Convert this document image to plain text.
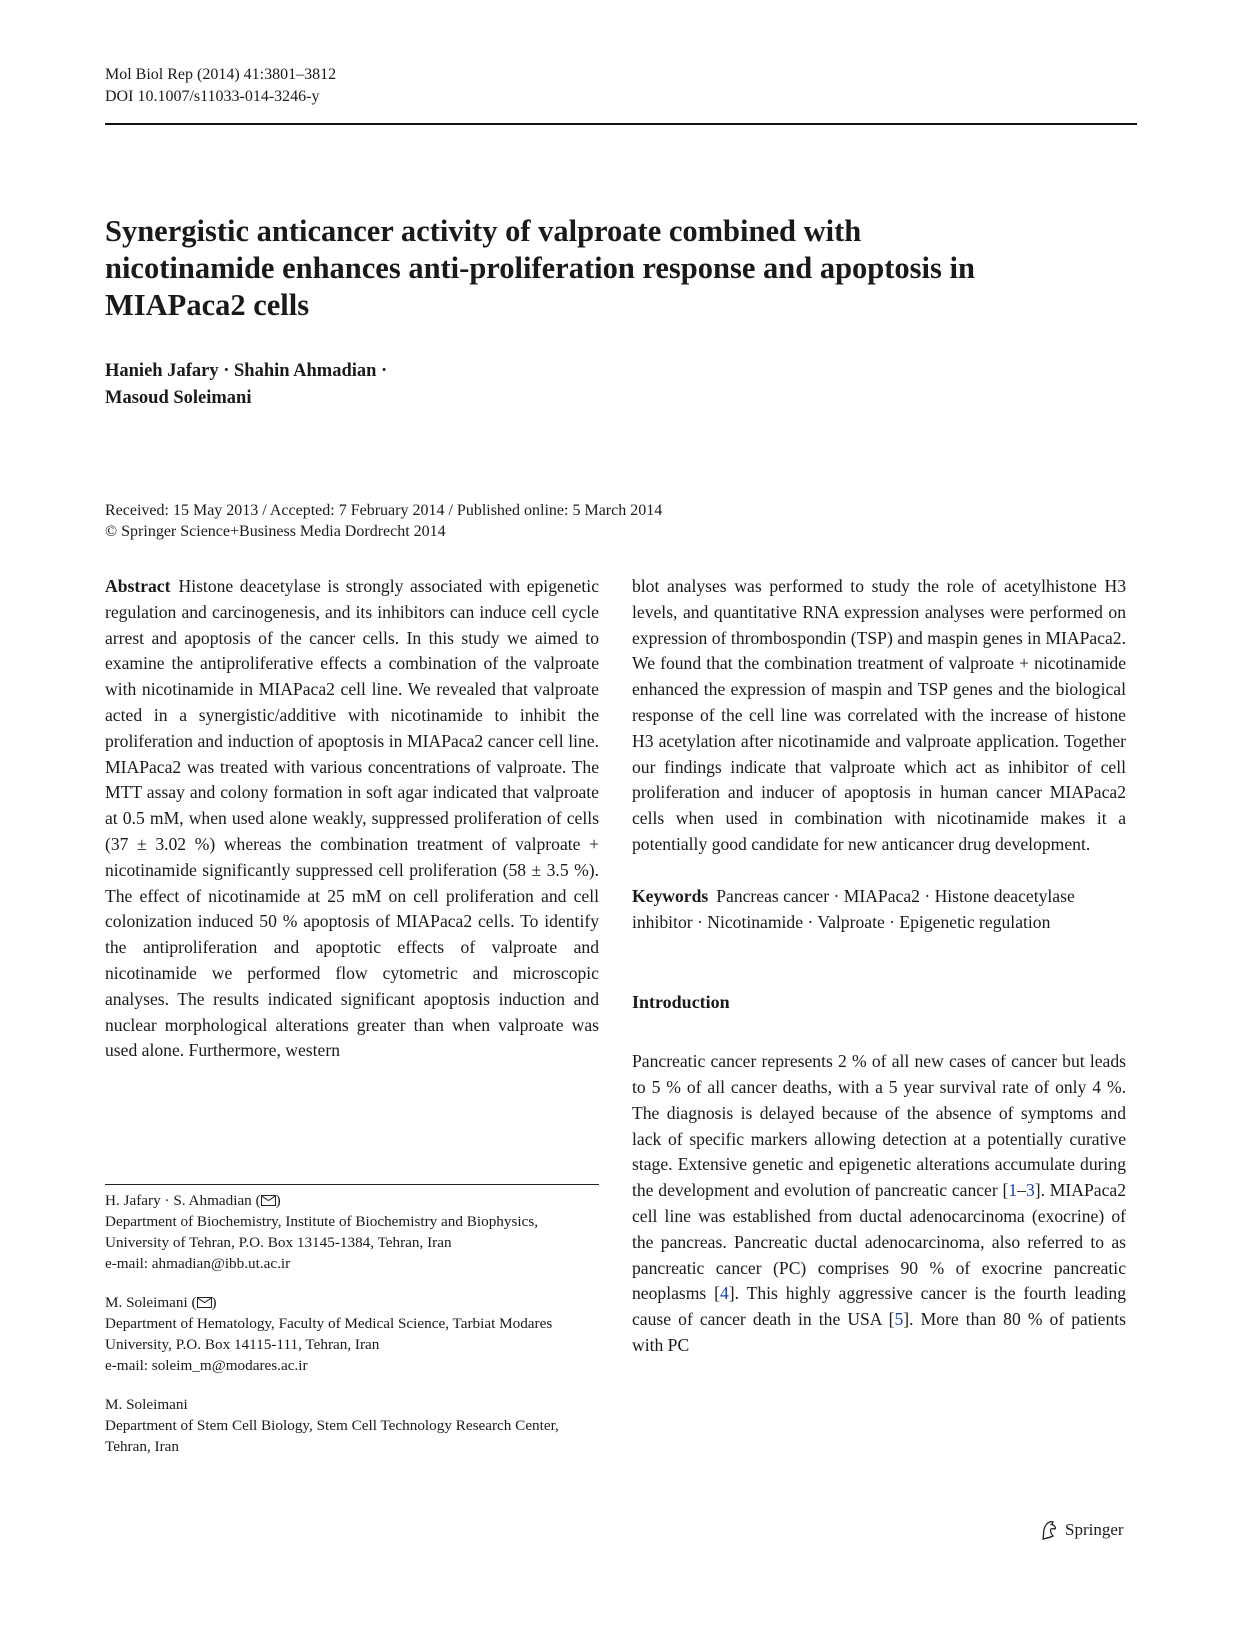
Mol Biol Rep (2014) 41:3801–3812
DOI 10.1007/s11033-014-3246-y
Synergistic anticancer activity of valproate combined with nicotinamide enhances anti-proliferation response and apoptosis in MIAPaca2 cells
Hanieh Jafary · Shahin Ahmadian ·
Masoud Soleimani
Received: 15 May 2013 / Accepted: 7 February 2014 / Published online: 5 March 2014
© Springer Science+Business Media Dordrecht 2014

Abstract Histone deacetylase is strongly associated with epigenetic regulation and carcinogenesis, and its inhibitors can induce cell cycle arrest and apoptosis of the cancer cells. In this study we aimed to examine the antiproliferative effects a combination of the valproate with nicotinamide in MIAPaca2 cell line. We revealed that valproate acted in a synergistic/additive with nicotinamide to inhibit the proliferation and induction of apoptosis in MIAPaca2 cancer cell line. MIAPaca2 was treated with various concentrations of valproate. The MTT assay and colony formation in soft agar indicated that valproate at 0.5 mM, when used alone weakly, suppressed proliferation of cells (37 ± 3.02 %) whereas the combination treatment of valproate + nicotinamide significantly suppressed cell proliferation (58 ± 3.5 %). The effect of nicotinamide at 25 mM on cell proliferation and cell colonization induced 50 % apoptosis of MIAPaca2 cells. To identify the antiproliferation and apoptotic effects of valproate and nicotinamide we performed flow cytometric and microscopic analyses. The results indicated significant apoptosis induction and nuclear morphological alterations greater than when valproate was used alone. Furthermore, western

blot analyses was performed to study the role of acetylhistone H3 levels, and quantitative RNA expression analyses were performed on expression of thrombospondin (TSP) and maspin genes in MIAPaca2. We found that the combination treatment of valproate + nicotinamide enhanced the expression of maspin and TSP genes and the biological response of the cell line was correlated with the increase of histone H3 acetylation after nicotinamide and valproate application. Together our findings indicate that valproate which act as inhibitor of cell proliferation and inducer of apoptosis in human cancer MIAPaca2 cells when used in combination with nicotinamide makes it a potentially good candidate for new anticancer drug development.

Keywords Pancreas cancer · MIAPaca2 · Histone deacetylase inhibitor · Nicotinamide · Valproate · Epigenetic regulation

Introduction

Pancreatic cancer represents 2 % of all new cases of cancer but leads to 5 % of all cancer deaths, with a 5 year survival rate of only 4 %. The diagnosis is delayed because of the absence of symptoms and lack of specific markers allowing detection at a potentially curative stage. Extensive genetic and epigenetic alterations accumulate during the development and evolution of pancreatic cancer [1–3]. MIAPaca2 cell line was established from ductal adenocarcinoma (exocrine) of the pancreas. Pancreatic ductal adenocarcinoma, also referred to as pancreatic cancer (PC) comprises 90 % of exocrine pancreatic neoplasms [4]. This highly aggressive cancer is the fourth leading cause of cancer death in the USA [5]. More than 80 % of patients with PC

H. Jafary · S. Ahmadian ( )
Department of Biochemistry, Institute of Biochemistry and Biophysics, University of Tehran, P.O. Box 13145-1384, Tehran, Iran
e-mail: ahmadian@ibb.ut.ac.ir
M. Soleimani ( )
Department of Hematology, Faculty of Medical Science, Tarbiat Modares University, P.O. Box 14115-111, Tehran, Iran
e-mail: soleim_m@modares.ac.ir
M. Soleimani
Department of Stem Cell Biology, Stem Cell Technology Research Center, Tehran, Iran
Springer
